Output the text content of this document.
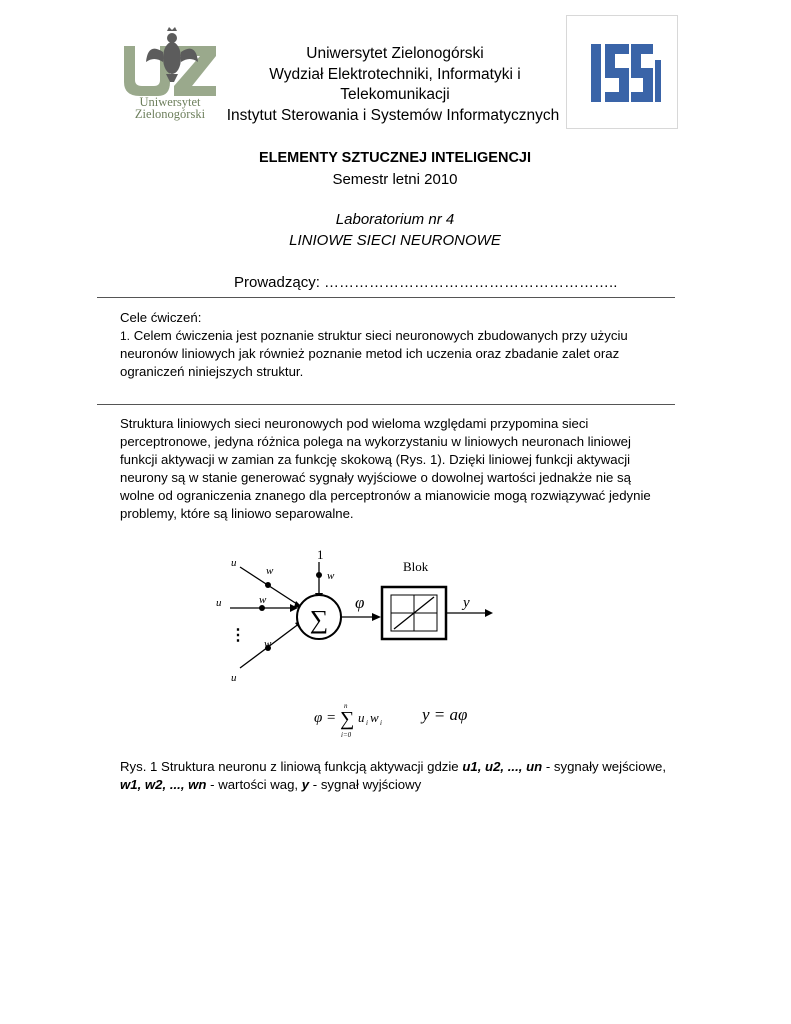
Uniwersytet
Zielonogórski
Uniwersytet Zielonogórski
Wydział Elektrotechniki, Informatyki i
Telekomunikacji
Instytut Sterowania i Systemów Informatycznych
ELEMENTY SZTUCZNEJ INTELIGENCJI
Semestr letni 2010
Laboratorium nr 4
LINIOWE SIECI NEURONOWE
Prowadzący: …………………………………………………..
Cele ćwiczeń:
1. Celem ćwiczenia jest poznanie struktur sieci neuronowych zbudowanych przy użyciu
neuronów liniowych jak również poznanie metod ich uczenia oraz zbadanie zalet oraz
ograniczeń niniejszych struktur.
Struktura liniowych sieci neuronowych pod wieloma względami przypomina sieci
perceptronowe, jedyna różnica polega na wykorzystaniu w liniowych neuronach liniowej
funkcji aktywacji w zamian za funkcję skokową (Rys. 1). Dzięki liniowej funkcji aktywacji
neurony są w stanie generować sygnały wyjściowe o dowolnej wartości jednakże nie są
wolne od ograniczenia znanego dla perceptronów a mianowicie mogą rozwiązywać jedynie
problemy, które są liniowo separowalne.
1
w
u
w
u	w
⋮
u
w
∑
φ
Blok
y
φ =
n
∑
i=0
u i w i y = aφ
Rys. 1 Struktura neuronu z liniową funkcją aktywacji gdzie u1, u2, ..., un - sygnały wejściowe,
w1, w2, ..., wn - wartości wag, y - sygnał wyjściowy
